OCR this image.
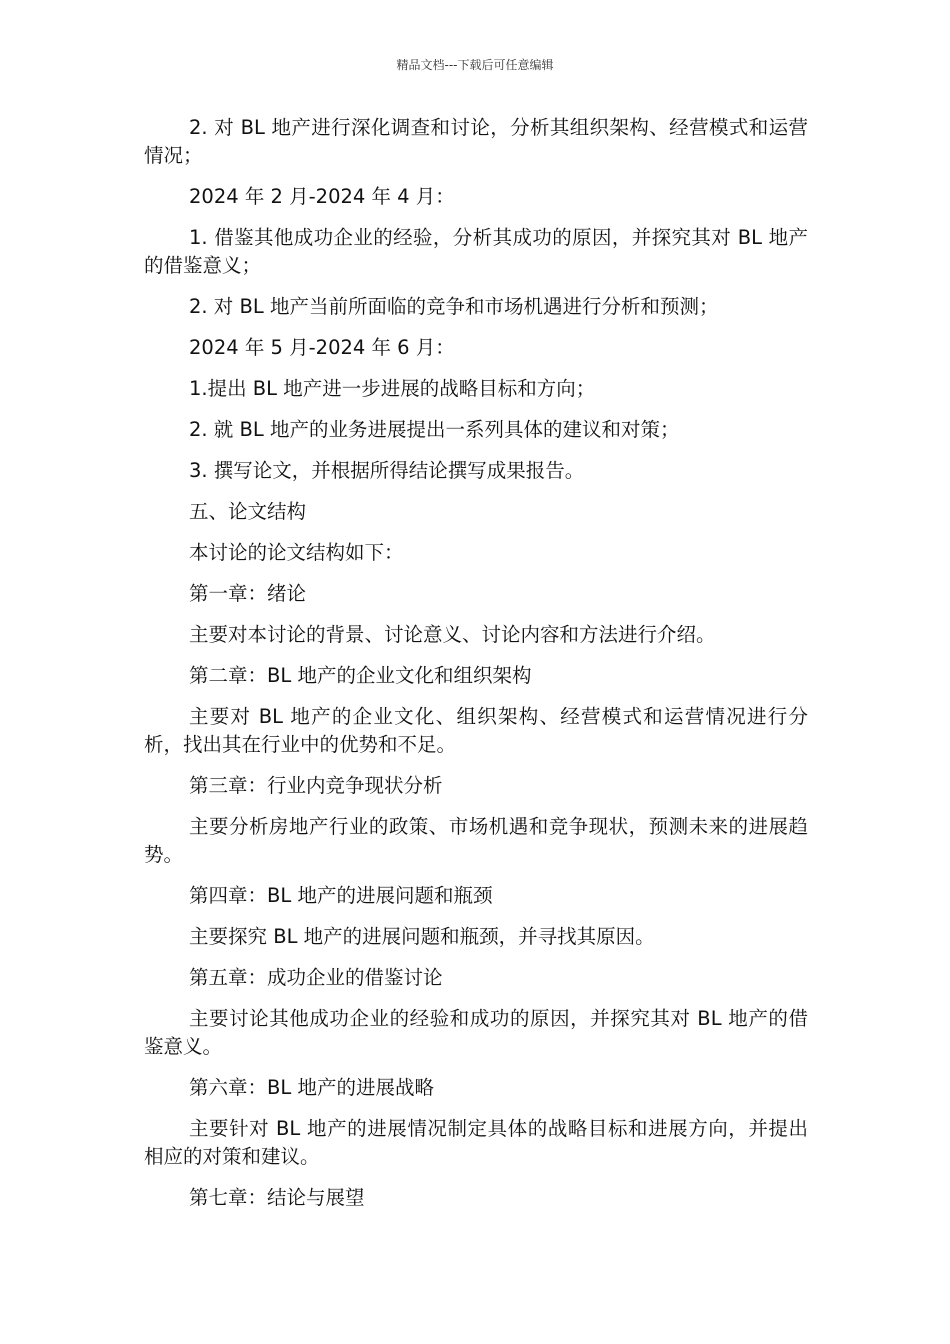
精品文档---下载后可任意编辑

2. 对 BL 地产进行深化调查和讨论，分析其组织架构、经营模式和运营情况；

2024 年 2 月-2024 年 4 月：

1. 借鉴其他成功企业的经验，分析其成功的原因，并探究其对 BL 地产的借鉴意义；

2. 对 BL 地产当前所面临的竞争和市场机遇进行分析和预测；

2024 年 5 月-2024 年 6 月：

1.提出 BL 地产进一步进展的战略目标和方向；

2. 就 BL 地产的业务进展提出一系列具体的建议和对策；

3. 撰写论文，并根据所得结论撰写成果报告。

五、论文结构

本讨论的论文结构如下：

第一章：绪论

主要对本讨论的背景、讨论意义、讨论内容和方法进行介绍。

第二章：BL 地产的企业文化和组织架构

主要对 BL 地产的企业文化、组织架构、经营模式和运营情况进行分析，找出其在行业中的优势和不足。

第三章：行业内竞争现状分析

主要分析房地产行业的政策、市场机遇和竞争现状，预测未来的进展趋势。

第四章：BL 地产的进展问题和瓶颈

主要探究 BL 地产的进展问题和瓶颈，并寻找其原因。

第五章：成功企业的借鉴讨论

主要讨论其他成功企业的经验和成功的原因，并探究其对 BL 地产的借鉴意义。

第六章：BL 地产的进展战略

主要针对 BL 地产的进展情况制定具体的战略目标和进展方向，并提出相应的对策和建议。

第七章：结论与展望
